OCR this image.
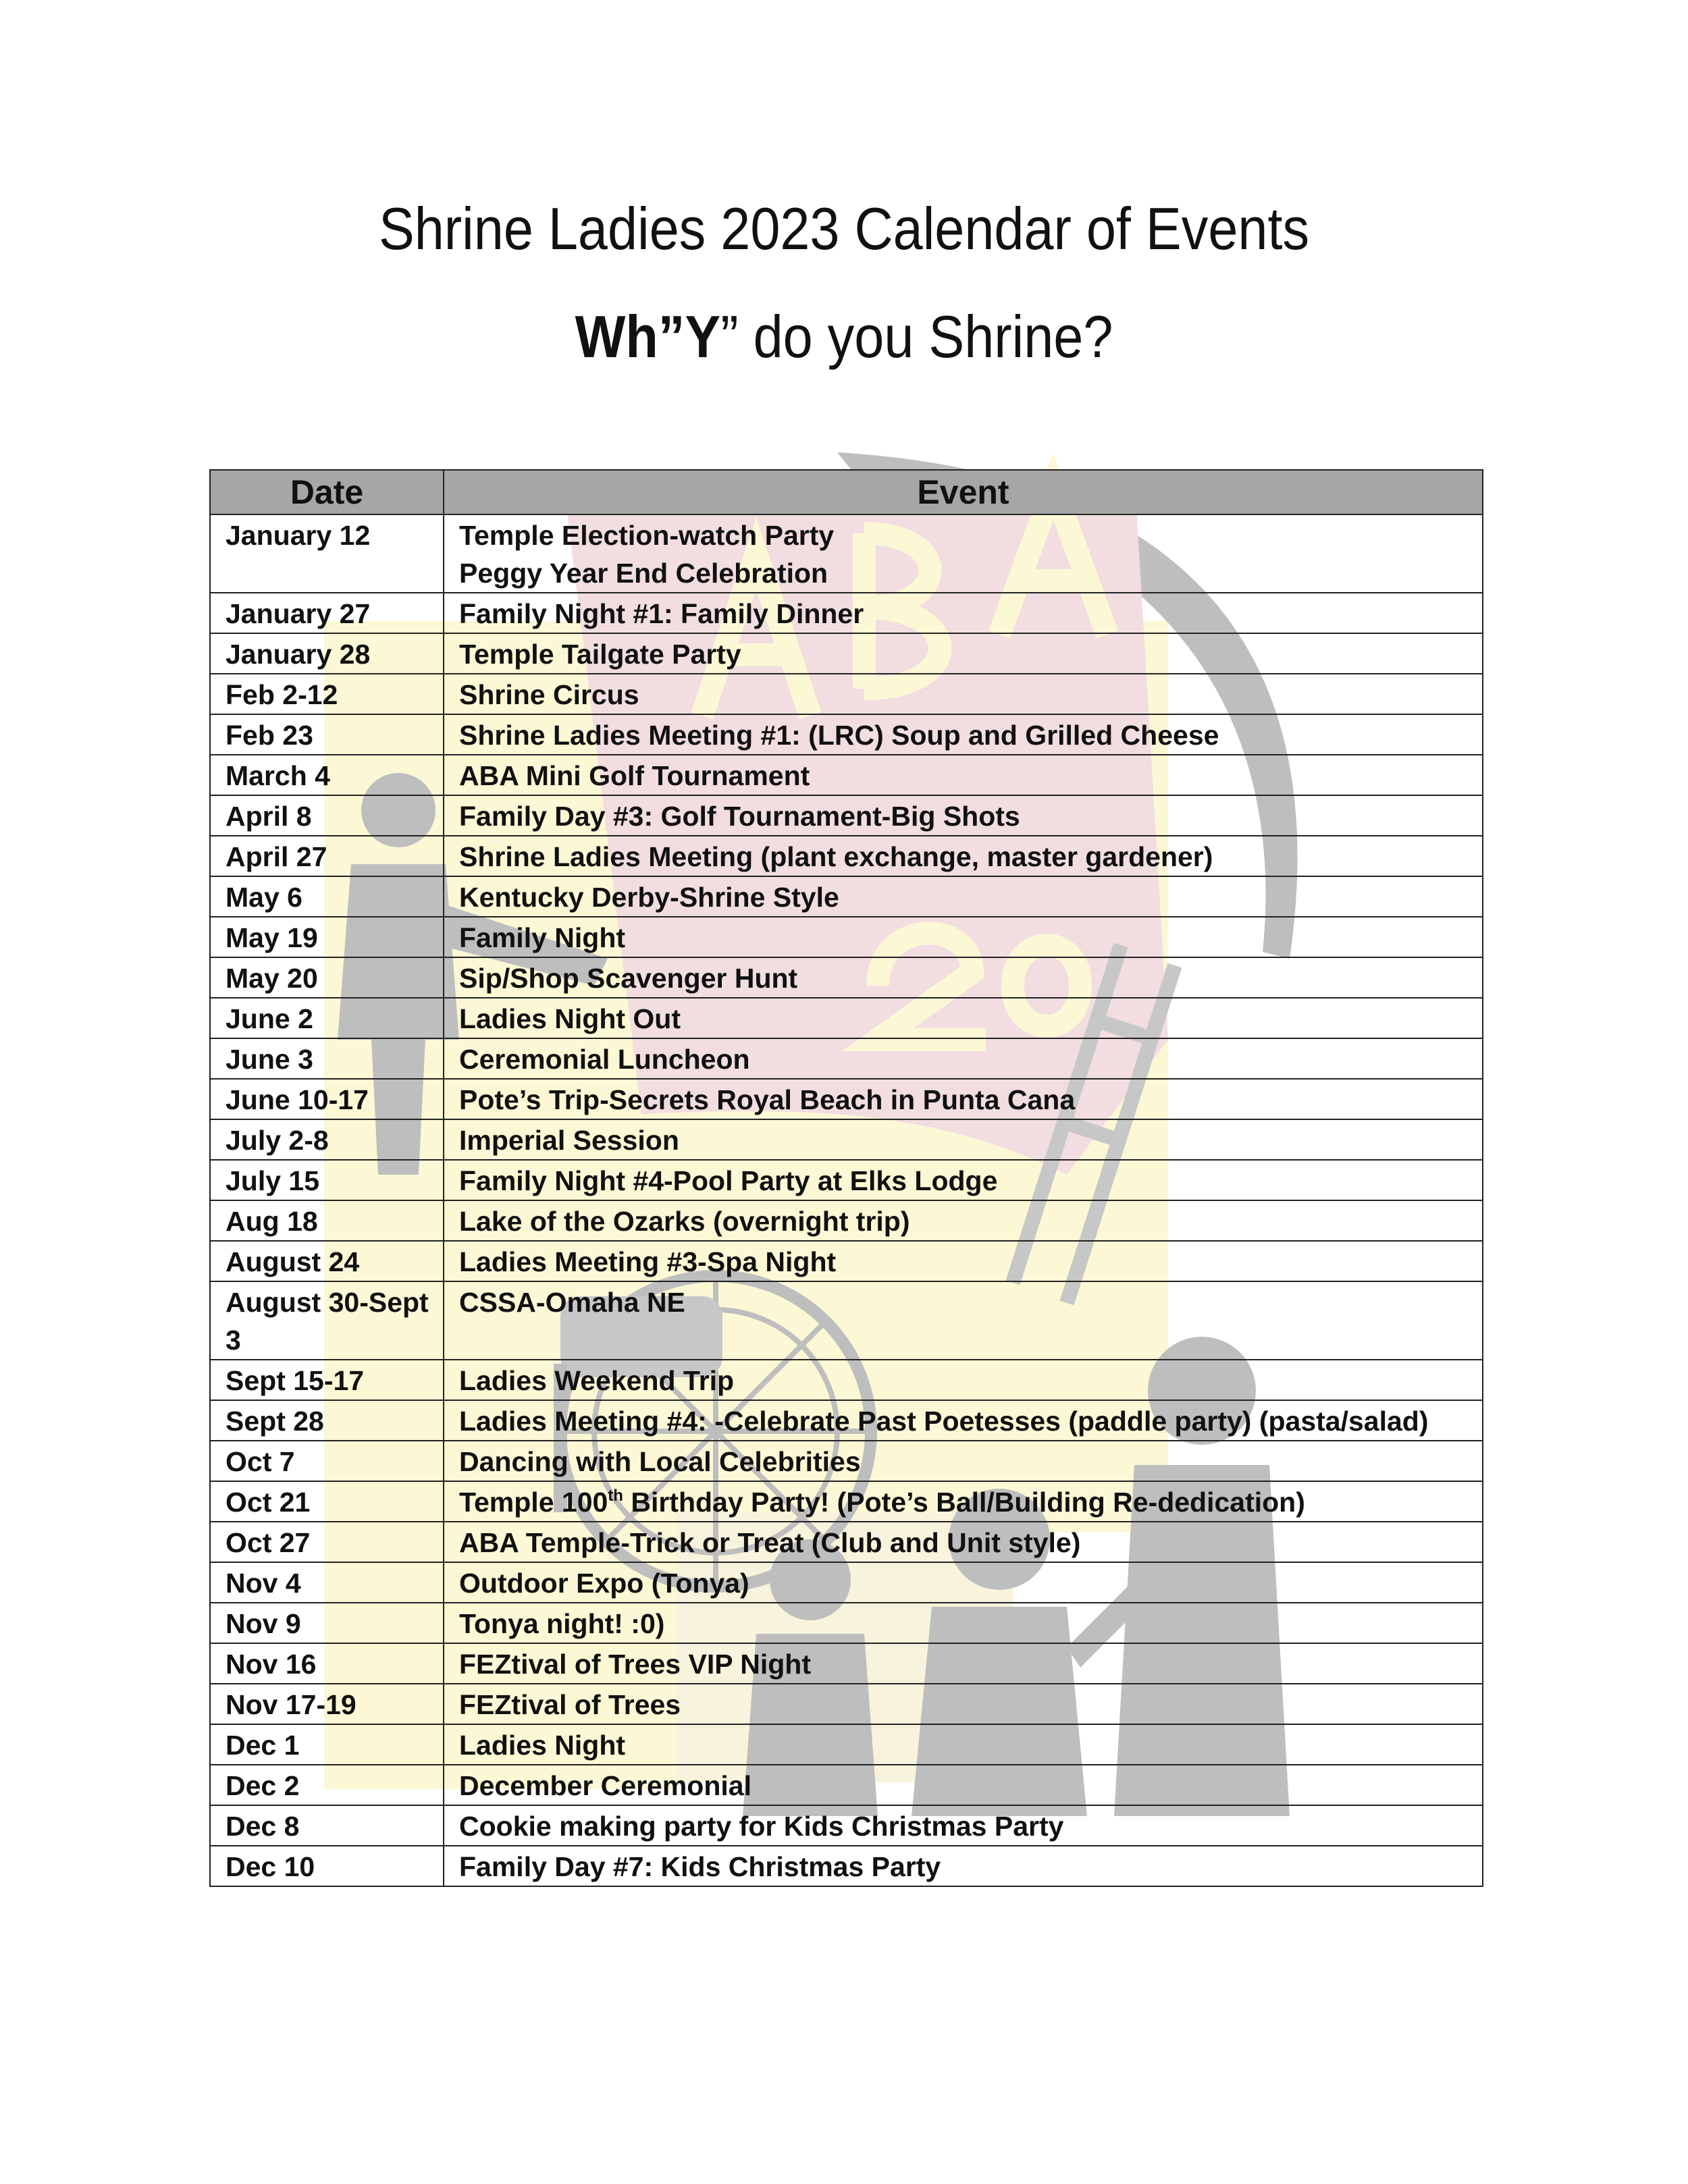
Shrine Ladies 2023 Calendar of Events
Wh”Y” do you Shrine?
Date	Event
January 12	Temple Election-watch Party
Peggy Year End Celebration

January 27	Family Night #1: Family Dinner

January 28	Temple Tailgate Party

Feb 2-12	Shrine Circus

Feb 23	Shrine Ladies Meeting #1: (LRC) Soup and Grilled Cheese

March 4	ABA Mini Golf Tournament

April 8	Family Day #3: Golf Tournament-Big Shots

April 27	Shrine Ladies Meeting (plant exchange, master gardener)

May 6	Kentucky Derby-Shrine Style

May 19	Family Night

May 20	Sip/Shop Scavenger Hunt

June 2	Ladies Night Out

June 3	Ceremonial Luncheon

June 10-17	Pote’s Trip-Secrets Royal Beach in Punta Cana

July 2-8	Imperial Session

July 15	Family Night #4-Pool Party at Elks Lodge

Aug 18	Lake of the Ozarks (overnight trip)

August 24	Ladies Meeting #3-Spa Night

August 30-Sept 3	CSSA-Omaha NE

Sept 15-17	Ladies Weekend Trip

Sept 28	Ladies Meeting #4: -Celebrate Past Poetesses (paddle party) (pasta/salad)

Oct 7	Dancing with Local Celebrities

Oct 21	Temple 100th Birthday Party! (Pote’s Ball/Building Re-dedication)

Oct 27	ABA Temple-Trick or Treat (Club and Unit style)

Nov 4	Outdoor Expo (Tonya)

Nov 9	Tonya night! :0)

Nov 16	FEZtival of Trees VIP Night

Nov 17-19	FEZtival of Trees

Dec 1	Ladies Night

Dec 2	December Ceremonial

Dec 8	Cookie making party for Kids Christmas Party

Dec 10	Family Day #7: Kids Christmas Party
